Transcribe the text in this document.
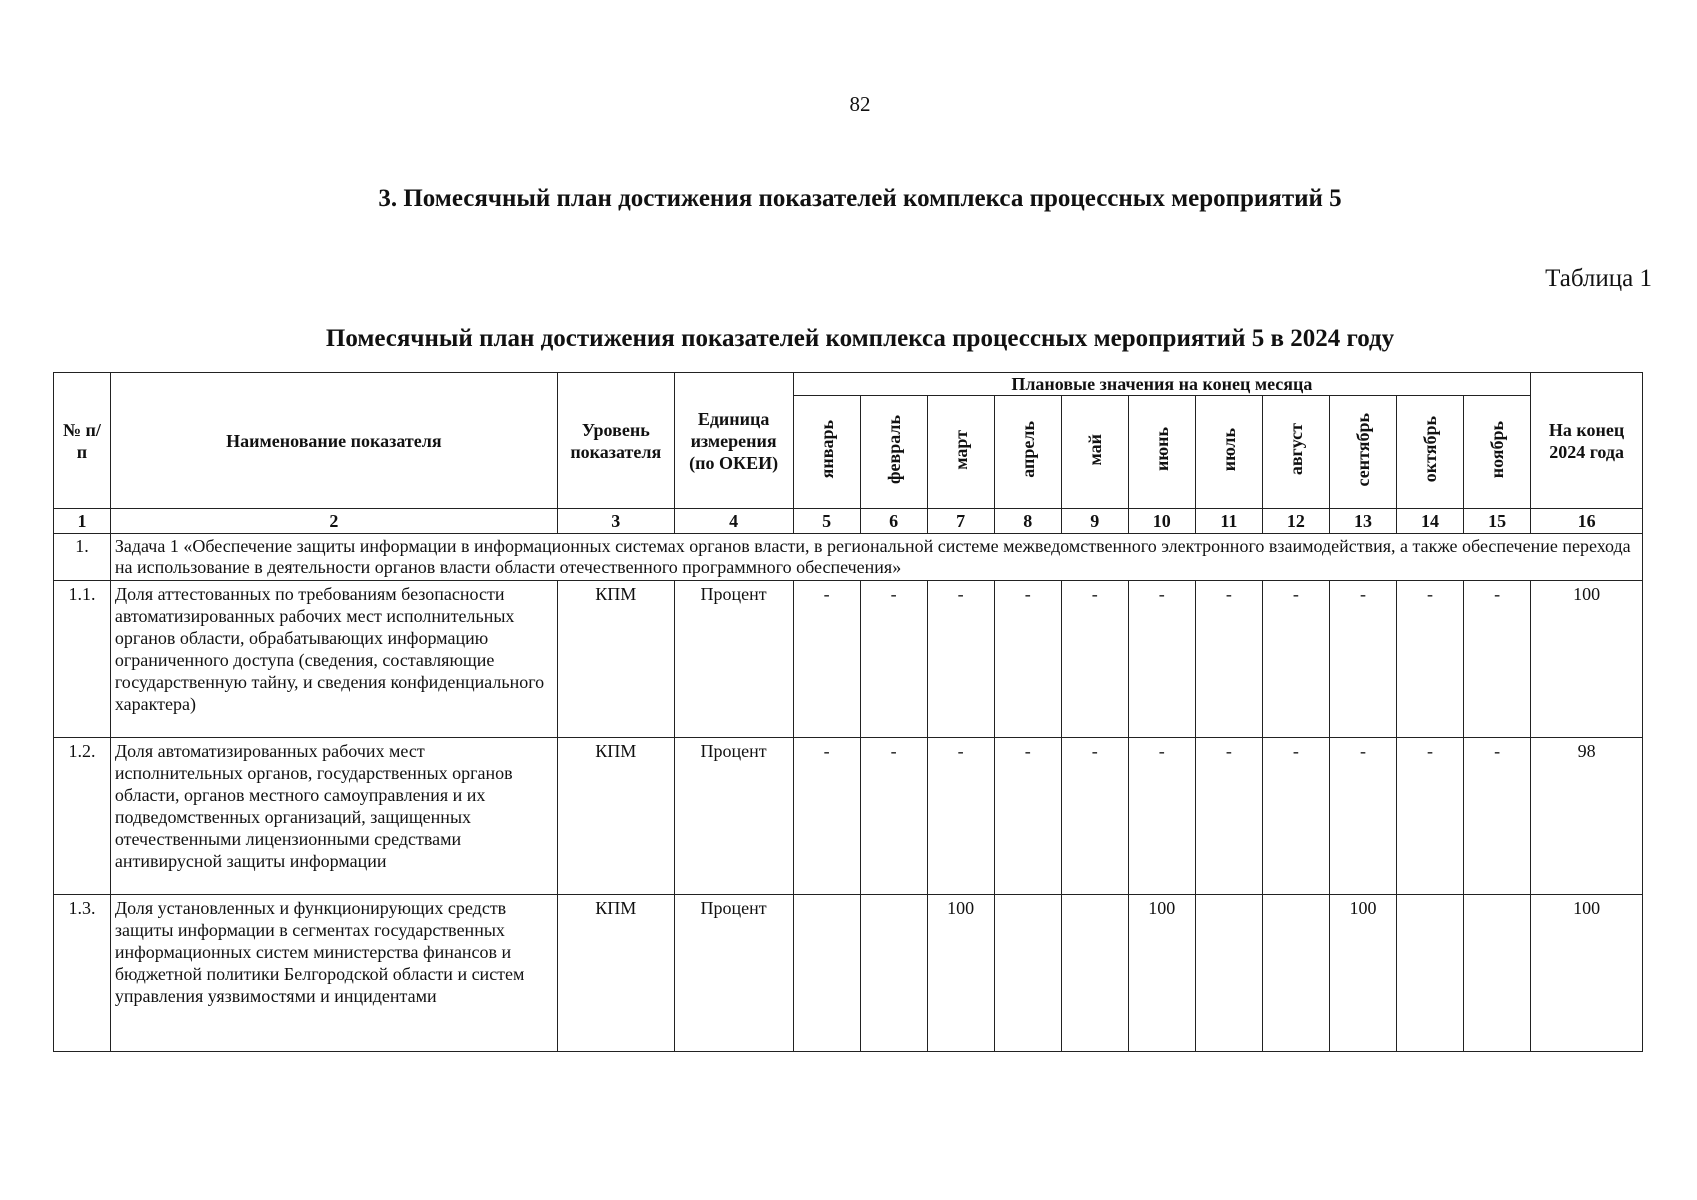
82
3. Помесячный план достижения показателей комплекса процессных мероприятий 5
Таблица 1
Помесячный план достижения показателей комплекса процессных мероприятий 5 в 2024 году
№ п/п	Наименование показателя	Уровень показателя	Единица измерения (по ОКЕИ)	Плановые значения на конец месяца											На конец 2024 года
				январь	февраль	март	апрель	май	июнь	июль	август	сентябрь	октябрь	ноябрь	
1	2	3	4	5	6	7	8	9	10	11	12	13	14	15	16
1.	Задача 1 «Обеспечение защиты информации в информационных системах органов власти, в региональной системе межведомственного электронного взаимодействия, а также обеспечение перехода на использование в деятельности органов власти области отечественного программного обеспечения»														
1.1.	Доля аттестованных по требованиям безопасности автоматизированных рабочих мест исполнительных органов области, обрабатывающих информацию ограниченного доступа (сведения, составляющие государственную тайну, и сведения конфиденциального характера)	КПМ	Процент	-	-	-	-	-	-	-	-	-	-	-	100
1.2.	Доля автоматизированных рабочих мест исполнительных органов, государственных органов области, органов местного самоуправления и их подведомственных организаций, защищенных отечественными лицензионными средствами антивирусной защиты информации	КПМ	Процент	-	-	-	-	-	-	-	-	-	-	-	98
1.3.	Доля установленных и функционирующих средств защиты информации в сегментах государственных информационных систем министерства финансов и бюджетной политики Белгородской области и систем управления уязвимостями и инцидентами	КПМ	Процент			100			100			100			100
